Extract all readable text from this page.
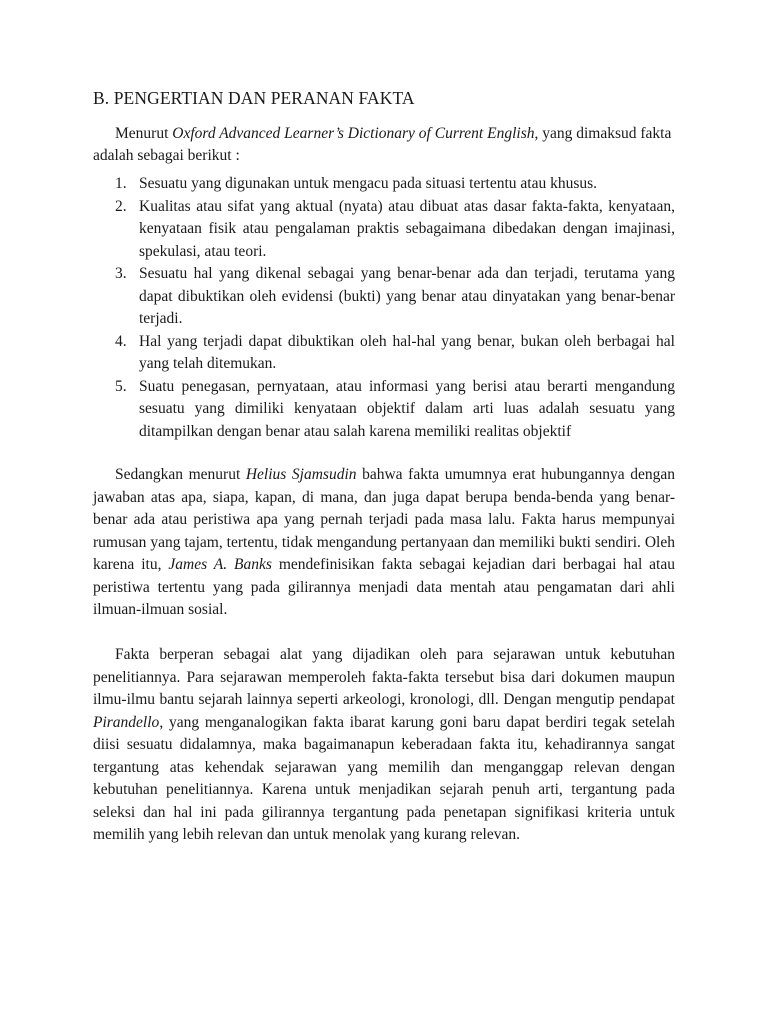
B. PENGERTIAN DAN PERANAN FAKTA

Menurut Oxford Advanced Learner’s Dictionary of Current English, yang dimaksud fakta adalah sebagai berikut :

1. Sesuatu yang digunakan untuk mengacu pada situasi tertentu atau khusus.
2. Kualitas atau sifat yang aktual (nyata) atau dibuat atas dasar fakta-fakta, kenyataan, kenyataan fisik atau pengalaman praktis sebagaimana dibedakan dengan imajinasi, spekulasi, atau teori.
3. Sesuatu hal yang dikenal sebagai yang benar-benar ada dan terjadi, terutama yang dapat dibuktikan oleh evidensi (bukti) yang benar atau dinyatakan yang benar-benar terjadi.
4. Hal yang terjadi dapat dibuktikan oleh hal-hal yang benar, bukan oleh berbagai hal yang telah ditemukan.
5. Suatu penegasan, pernyataan, atau informasi yang berisi atau berarti mengandung sesuatu yang dimiliki kenyataan objektif dalam arti luas adalah sesuatu yang ditampilkan dengan benar atau salah karena memiliki realitas objektif

Sedangkan menurut Helius Sjamsudin bahwa fakta umumnya erat hubungannya dengan jawaban atas apa, siapa, kapan, di mana, dan juga dapat berupa benda-benda yang benar-benar ada atau peristiwa apa yang pernah terjadi pada masa lalu. Fakta harus mempunyai rumusan yang tajam, tertentu, tidak mengandung pertanyaan dan memiliki bukti sendiri. Oleh karena itu, James A. Banks mendefinisikan fakta sebagai kejadian dari berbagai hal atau peristiwa tertentu yang pada gilirannya menjadi data mentah atau pengamatan dari ahli ilmuan-ilmuan sosial.

Fakta berperan sebagai alat yang dijadikan oleh para sejarawan untuk kebutuhan penelitiannya. Para sejarawan memperoleh fakta-fakta tersebut bisa dari dokumen maupun ilmu-ilmu bantu sejarah lainnya seperti arkeologi, kronologi, dll. Dengan mengutip pendapat Pirandello, yang menganalogikan fakta ibarat karung goni baru dapat berdiri tegak setelah diisi sesuatu didalamnya, maka bagaimanapun keberadaan fakta itu, kehadirannya sangat tergantung atas kehendak sejarawan yang memilih dan menganggap relevan dengan kebutuhan penelitiannya. Karena untuk menjadikan sejarah penuh arti, tergantung pada seleksi dan hal ini pada gilirannya tergantung pada penetapan signifikasi kriteria untuk memilih yang lebih relevan dan untuk menolak yang kurang relevan.
